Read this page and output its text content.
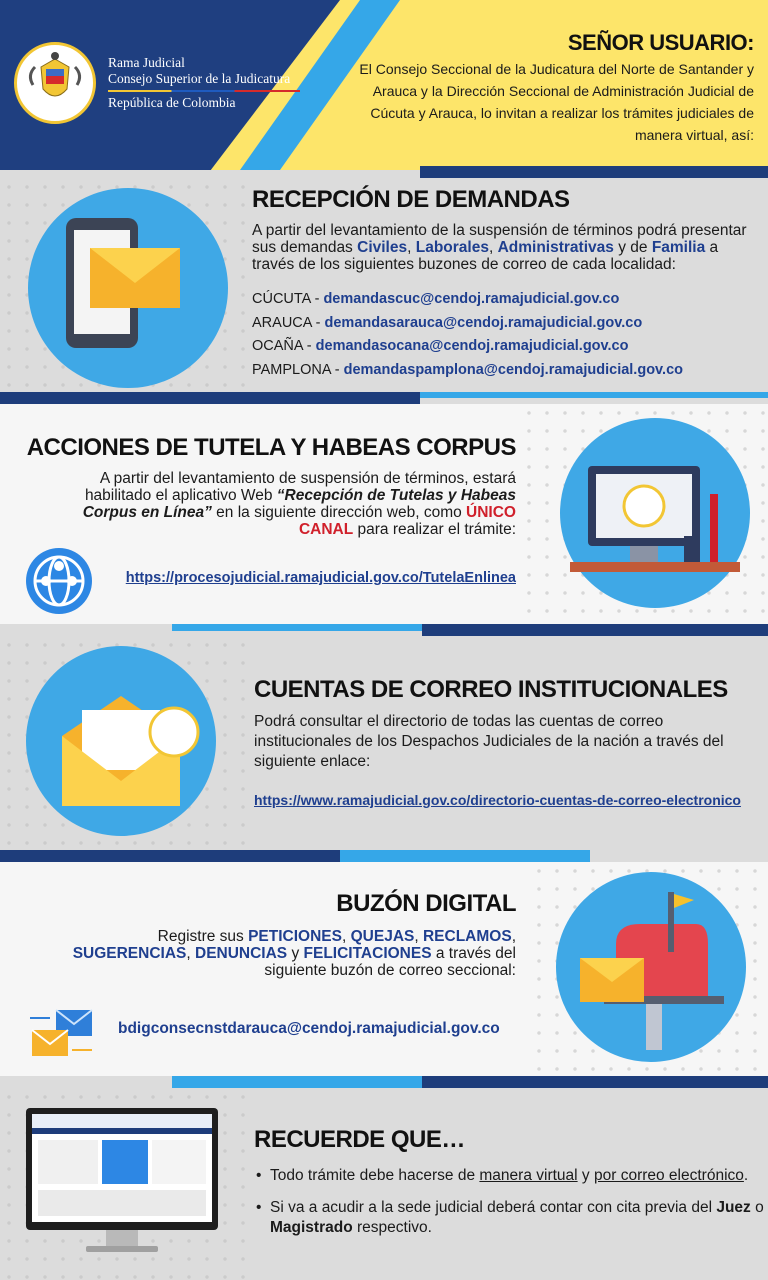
Rama Judicial
Consejo Superior de la Judicatura
República de Colombia
SEÑOR USUARIO:
El Consejo Seccional de la Judicatura del Norte de Santander y Arauca y la Dirección Seccional de Administración Judicial de Cúcuta y Arauca, lo invitan a realizar los trámites judiciales de manera virtual, así:
RECEPCIÓN DE DEMANDAS
A partir del levantamiento de la suspensión de términos podrá presentar sus demandas Civiles, Laborales, Administrativas y de Familia a través de los siguientes buzones de correo de cada localidad:
CÚCUTA - demandascuc@cendoj.ramajudicial.gov.co
ARAUCA - demandasarauca@cendoj.ramajudicial.gov.co
OCAÑA - demandasocana@cendoj.ramajudicial.gov.co
PAMPLONA - demandaspamplona@cendoj.ramajudicial.gov.co
ACCIONES DE TUTELA Y HABEAS CORPUS
A partir del levantamiento de suspensión de términos, estará habilitado el aplicativo Web “Recepción de Tutelas y Habeas Corpus en Línea” en la siguiente dirección web, como ÚNICO CANAL para realizar el trámite:
https://procesojudicial.ramajudicial.gov.co/TutelaEnlinea
CUENTAS DE CORREO INSTITUCIONALES
Podrá consultar el directorio de todas las cuentas de correo institucionales de los Despachos Judiciales de la nación a través del siguiente enlace:
https://www.ramajudicial.gov.co/directorio-cuentas-de-correo-electronico
BUZÓN DIGITAL
Registre sus PETICIONES, QUEJAS, RECLAMOS, SUGERENCIAS, DENUNCIAS y FELICITACIONES a través del siguiente buzón de correo seccional:
bdigconsecnstdarauca@cendoj.ramajudicial.gov.co
RECUERDE QUE…
• Todo trámite debe hacerse de manera virtual y por correo electrónico.
• Si va a acudir a la sede judicial deberá contar con cita previa del Juez o Magistrado respectivo.
